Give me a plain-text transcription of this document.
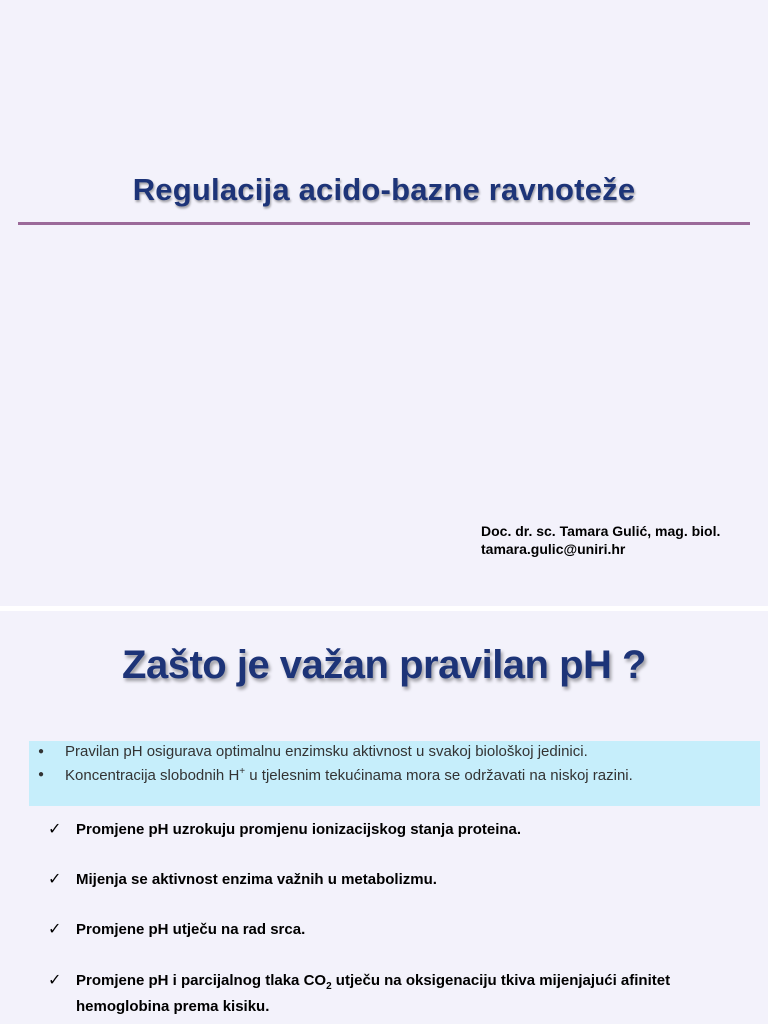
Regulacija acido-bazne ravnoteže
Doc. dr. sc. Tamara Gulić, mag. biol.
tamara.gulic@uniri.hr
Zašto je važan pravilan pH ?
● Pravilan pH osigurava optimalnu enzimsku aktivnost u svakoj biološkoj jedinici.
● Koncentracija slobodnih H+ u tjelesnim tekućinama mora se održavati na niskoj razini.
✓ Promjene pH uzrokuju promjenu ionizacijskog stanja proteina.
✓ Mijenja se aktivnost enzima važnih u metabolizmu.
✓ Promjene pH utječu na rad srca.
✓ Promjene pH i parcijalnog tlaka $CO_2$ utječu na oksigenaciju tkiva mijenjajući afinitet hemoglobina prema kisiku.
